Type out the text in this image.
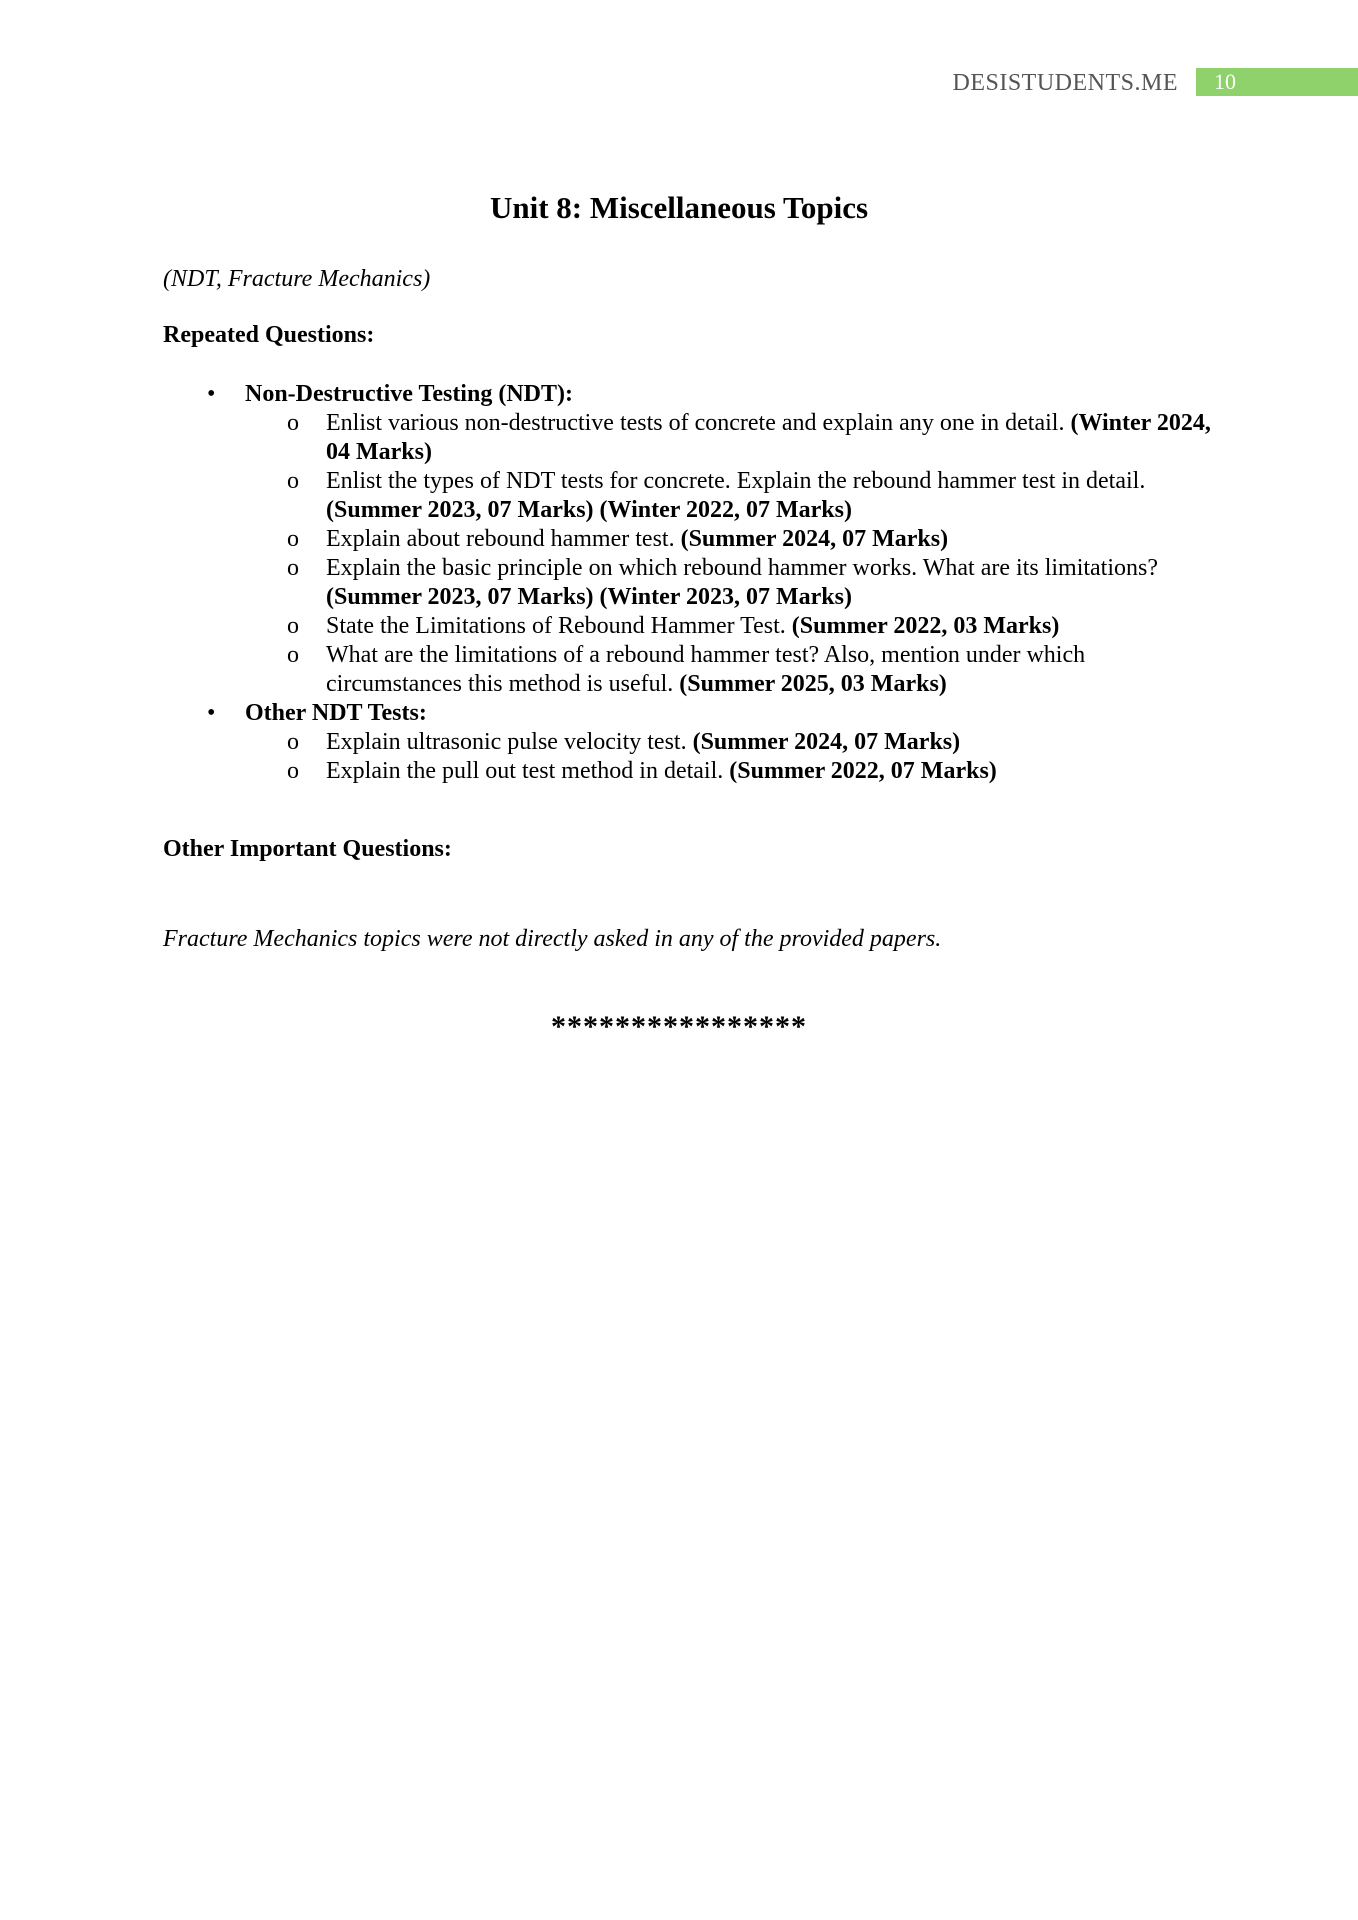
DESISTUDENTS.ME	10
Unit 8: Miscellaneous Topics
(NDT, Fracture Mechanics)
Repeated Questions:
• Non-Destructive Testing (NDT):
o Enlist various non-destructive tests of concrete and explain any one in detail. (Winter 2024, 04 Marks)
o Enlist the types of NDT tests for concrete. Explain the rebound hammer test in detail. (Summer 2023, 07 Marks) (Winter 2022, 07 Marks)
o Explain about rebound hammer test. (Summer 2024, 07 Marks)
o Explain the basic principle on which rebound hammer works. What are its limitations? (Summer 2023, 07 Marks) (Winter 2023, 07 Marks)
o State the Limitations of Rebound Hammer Test. (Summer 2022, 03 Marks)
o What are the limitations of a rebound hammer test? Also, mention under which circumstances this method is useful. (Summer 2025, 03 Marks)
• Other NDT Tests:
o Explain ultrasonic pulse velocity test. (Summer 2024, 07 Marks)
o Explain the pull out test method in detail. (Summer 2022, 07 Marks)
Other Important Questions:
Fracture Mechanics topics were not directly asked in any of the provided papers.
****************
